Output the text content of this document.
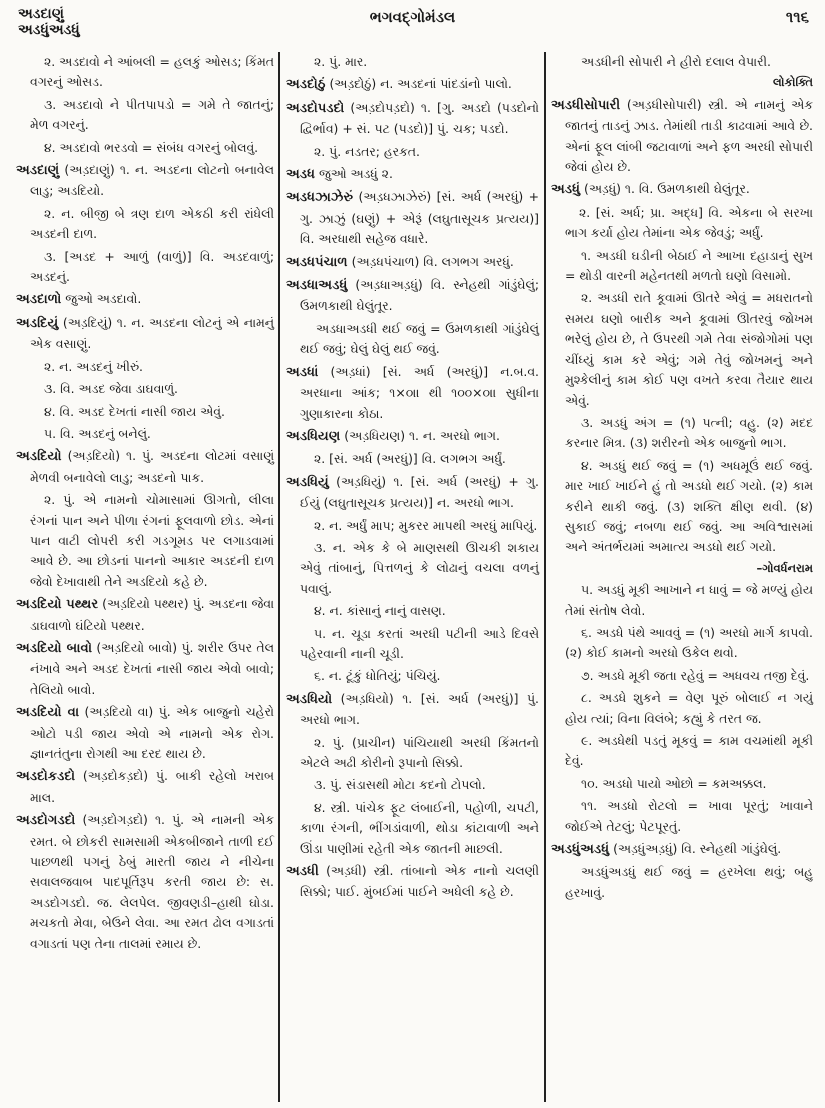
અડદાણું
અડધુંઅડધું
ભગવદ્ગોમંડલ	૧૧૬

૨. અડદાવો ને આંબલી = હલકું ઓસડ; કિંમત વગરનું ઓસડ.

૩. અડદાવો ને પીતપાપડો = ગમે તે જાતનું; મેળ વગરનું.

૪. અડદાવો ભરડવો = સંબંધ વગરનું બોલવું.

અડદાણું (અડ઼દાણું) ૧. ન. અડદના લોટનો બનાવેલ લાડુ; અડદિયો.

૨. ન. બીજી બે ત્રણ દાળ એકઠી કરી રાંધેલી અડદની દાળ.

૩. [અડદ + આળું (વાળું)] વિ. અડદવાળું; અડદનું.

અડદાળો જુઓ અડદાવો.

અડદિયું (અડ઼દિયું) ૧. ન. અડદના લોટનું એ નામનું એક વસાણું.

૨. ન. અડદનું ખીરું.

૩. વિ. અડદ જેવા ડાઘવાળું.

૪. વિ. અડદ દેખતાં નાસી જાય એવું.

૫. વિ. અડદનું બનેલું.

અડદિયો (અડ઼દિયો) ૧. પું. અડદના લોટમાં વસાણું મેળવી બનાવેલો લાડુ; અડદનો પાક.

૨. પું. એ નામનો ચોમાસામાં ઊગતો, લીલા રંગનાં પાન અને પીળા રંગનાં ફૂલવાળો છોડ. એનાં પાન વાટી લોપરી કરી ગડગૂમડ પર લગાડવામાં આવે છે. આ છોડનાં પાનનો આકાર અડદની દાળ જેવો દેખાવાથી તેને અડદિયો કહે છે.

અડદિયો પથ્થર (અડ઼દિયો પથ્થર) પું. અડદના જેવા ડાઘવાળો ઘંટિયો પથ્થર.

અડદિયો બાવો (અડ઼દિયો બાવો) પું. શરીર ઉપર તેલ નંખાવે અને અડદ દેખતાં નાસી જાય એવો બાવો; તેલિયો બાવો.

અડદિયો વા (અડ઼દિયો વા) પું. એક બાજુનો ચહેરો ઓટો પડી જાય એવો એ નામનો એક રોગ. જ્ઞાનતંતુના રોગથી આ દરદ થાય છે.

અડદોકડદો (અડ઼દોકડ઼દો) પું. બાકી રહેલો ખરાબ માલ.

અડદોગડદો (અડ઼દોગડ઼દો) ૧. પું. એ નામની એક રમત. બે છોકરી સામસામી એકબીજાને તાળી દઈ પાછળથી પગનું ઠેબું મારતી જાય ને નીચેના સવાલજવાબ પાદપૂર્તિરૂપ કરતી જાય છે: સ. અડદોગડદો. જ. લેલપેલ. જીવણડી–હાથી ઘોડા. મચકતો મેવા, બેઉને લેવા. આ રમત ઢોલ વગાડતાં વગાડતાં પણ તેના તાલમાં રમાય છે.

૨. પું. માર.

અડદોઠું (અડ઼દોઠું) ન. અડદનાં પાંદડાંનો પાલો.

અડદોપડદો (અડ઼દોપડ઼દો) ૧. [ગુ. અડદો (પડદોનો દ્વિર્ભાવ) + સં. પટ (પડદો)] પું. ચક; પડદો.

૨. પું. નડતર; હરકત.

અડધ જુઓ અડધું ૨.

અડધઝાઝેરું (અડ઼ધઝાઝેરું) [સં. અર્ધ (અરધું) + ગુ. ઝાઝું (ઘણું) + એરૂં (લઘુતાસૂચક પ્રત્યય)] વિ. અરધાથી સહેજ વધારે.

અડધપંચાળ (અડ઼ધપંચાળ) વિ. લગભગ અરધું.

અડધાઅડધું (અડ઼ધાઅડ઼ધું) વિ. સ્નેહથી ગાંડુંઘેલું; ઉમળકાથી ઘેલુંતૂર.

અડધાઅડધી થઈ જવું = ઉમળકાથી ગાંડુંઘેલું થઈ જવું; ઘેલું ઘેલું થઈ જવું.

અડધાં (અડ઼ધાં) [સં. અર્ધ (અરધું)] ન.બ.વ. અરધાના આંક; ૧×૦॥ થી ૧૦૦×૦॥ સુધીના ગુણાકારના કોઠા.

અડધિયણ (અડ઼ધિયણ) ૧. ન. અરધો ભાગ.

૨. [સં. અર્ધ (અરધું)] વિ. લગભગ અર્ધું.

અડધિયું (અડ઼ધિયું) ૧. [સં. અર્ધ (અરધું) + ગુ. ઈયું (લઘુતાસૂચક પ્રત્યય)] ન. અરધો ભાગ.

૨. ન. અર્ધું માપ; મુકરર માપથી અરધું માપિયું.

૩. ન. એક કે બે માણસથી ઊચકી શકાય એવું તાંબાનું, પિત્તળનું કે લોઢાનું વચલા વળનું પવાલું.

૪. ન. કાંસાનું નાનું વાસણ.

૫. ન. ચૂડા કરતાં અરધી પટીની આડે દિવસે પહેરવાની નાની ચૂડી.

૬. ન. ટૂંકું ધોતિયું; પંચિયું.

અડધિયો (અડ઼ધિયો) ૧. [સં. અર્ધ (અરધું)] પું. અરધો ભાગ.

૨. પું. (પ્રાચીન) પાંચિયાથી અરધી કિંમતનો એટલે અઢી કોરીનો રૂપાનો સિક્કો.

૩. પું. સંડાસથી મોટા કદનો ટોપલો.

૪. સ્ત્રી. પાંચેક ફૂટ લંબાઈની, પહોળી, ચપટી, કાળા રંગની, ભીંગડાંવાળી, થોડા કાંટાવાળી અને ઊંડા પાણીમાં રહેતી એક જાતની માછલી.

અડધી (અડ઼ધી) સ્ત્રી. તાંબાનો એક નાનો ચલણી સિક્કો; પાઈ. મુંબઈમાં પાઈને અધેલી કહે છે.

અડધીની સોપારી ને હીરો દલાલ વેપારી.
લોકોક્તિ

અડધીસોપારી (અડ઼ધીસોપારી) સ્ત્રી. એ નામનું એક જાતનું તાડનું ઝાડ. તેમાંથી તાડી કાઢવામાં આવે છે. એનાં ફૂલ લાંબી જટાવાળાં અને ફળ અરધી સોપારી જેવાં હોય છે.

અડધું (અડ઼ધું) ૧. વિ. ઉમળકાથી ઘેલુંતૂર.

૨. [સં. અર્ધ; પ્રા. અદ્ધ] વિ. એકના બે સરખા ભાગ કર્યા હોય તેમાંના એક જેવડું; અર્ધું.

૧. અડધી ઘડીની બેઠાઈ ને આખા દહાડાનું સુખ = થોડી વારની મહેનતથી મળતો ઘણો વિસામો.

૨. અડધી રાતે કૂવામાં ઊતરે એવું = મધરાતનો સમય ઘણો બારીક અને કૂવામાં ઊતરવું જોખમ ભરેલું હોય છે, તે ઉપરથી ગમે તેવા સંજોગોમાં પણ ચીંધ્યું કામ કરે એવું; ગમે તેવું જોખમનું અને મુશ્કેલીનું કામ કોઈ પણ વખતે કરવા તૈયાર થાય એવું.

૩. અડધું અંગ = (૧) પત્ની; વહુ. (૨) મદદ કરનાર મિત્ર. (૩) શરીરનો એક બાજુનો ભાગ.

૪. અડધું થઈ જવું = (૧) અધમૂઉં થઈ જવું. માર ખાઈ ખાઈને હું તો અડધો થઈ ગયો. (૨) કામ કરીને થાકી જવું. (૩) શક્તિ ક્ષીણ થવી. (૪) સુકાઈ જવું; નબળા થઈ જવું. આ અવિશ્વાસમાં અને અંતર્ભયમાં અમાત્ય અડધો થઈ ગયો.
–ગોવર્ધનરામ

૫. અડધું મૂકી આખાને ન ધાવું = જે મળ્યું હોય તેમાં સંતોષ લેવો.

૬. અડધે પંથે આવવું = (૧) અરધો માર્ગ કાપવો. (૨) કોઈ કામનો અરધો ઉકેલ થવો.

૭. અડધે મૂકી જતા રહેવું = અધવચ તજી દેવું.

૮. અડધે શુકને = વેણ પૂરું બોલાઈ ન ગયું હોય ત્યાં; વિના વિલંબે; કહ્યું કે તરત જ.

૯. અડધેથી પડતું મૂકવું = કામ વચમાંથી મૂકી દેવું.

૧૦. અડધો પાયો ઓછો = કમઅક્કલ.

૧૧. અડધો રોટલો = ખાવા પૂરતું; ખાવાને જોઈએ તેટલું; પેટપૂરતું.

અડધુંઅડધું (અડ઼ધુંઅડ઼ધું) વિ. સ્નેહથી ગાંડુંઘેલું.

અડધુંઅડધું થઈ જવું = હરખેલા થવું; બહુ હરખાવું.
